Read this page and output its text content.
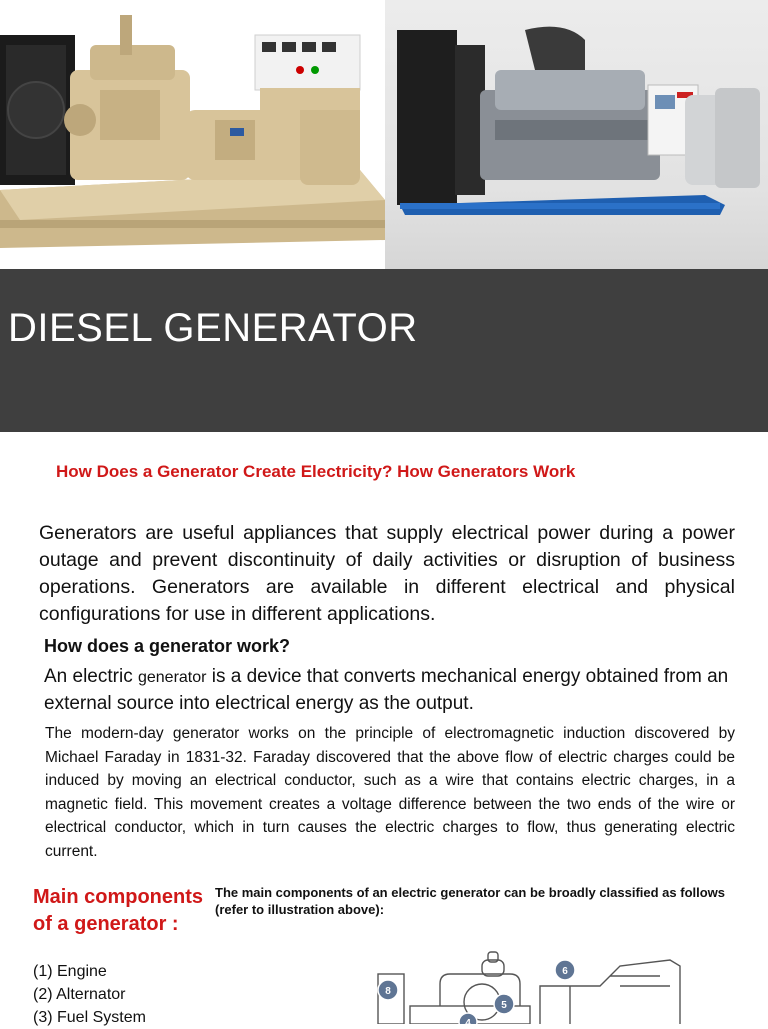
DIESEL GENERATOR
How Does a Generator Create Electricity? How Generators Work

Generators are useful appliances that supply electrical power during a power outage and prevent discontinuity of daily activities or disruption of business operations. Generators are available in different electrical and physical configurations for use in different applications.

How does a generator work?

An electric generator is a device that converts mechanical energy obtained from an external source into electrical energy as the output.

The modern-day generator works on the principle of electromagnetic induction discovered by Michael Faraday in 1831-32. Faraday discovered that the above flow of electric charges could be induced by moving an electrical conductor, such as a wire that contains electric charges, in a magnetic field. This movement creates a voltage difference between the two ends of the wire or electrical conductor, which in turn causes the electric charges to flow, thus generating electric current.

Main components of a generator :

The main components of an electric generator can be broadly classified as follows (refer to illustration above):

(1) Engine
(2) Alternator
(3) Fuel System
8
5
6
4
